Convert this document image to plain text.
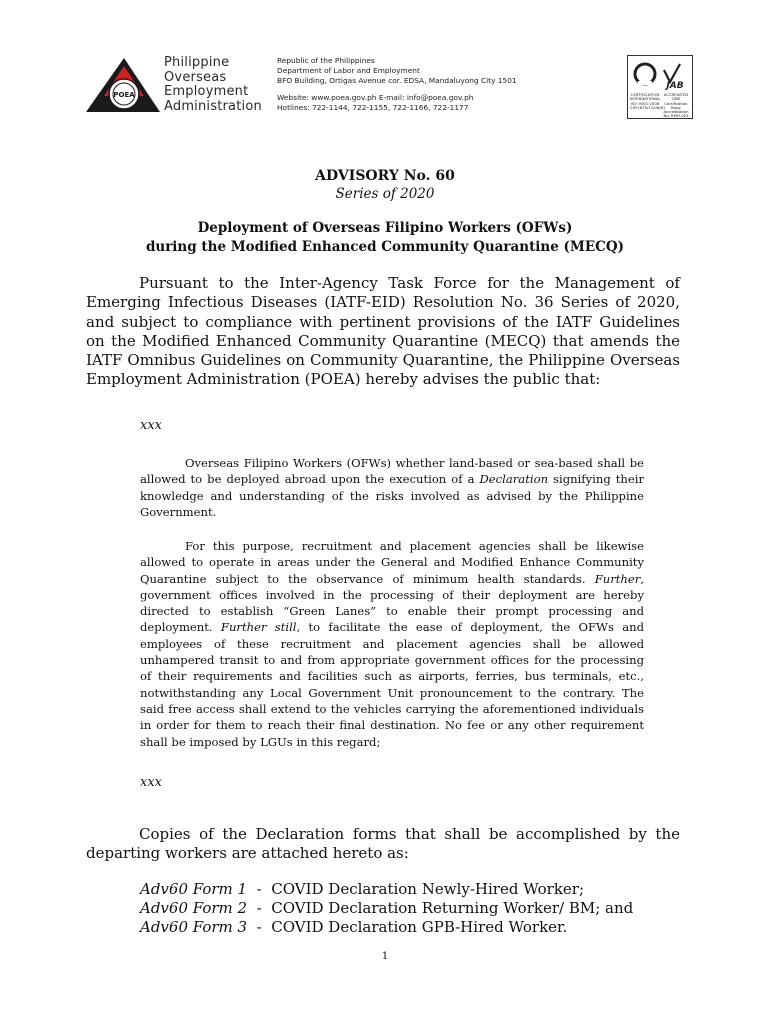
POEA
Philippine
Overseas
Employment
Administration
Republic of the Philippines
Department of Labor and Employment
BFO Building, Ortigas Avenue cor. EDSA, Mandaluyong City 1501
Website: www.poea.gov.ph E-mail: info@poea.gov.ph
Hotlines: 722-1144, 722-1155, 722-1166, 722-1177
JAB
CERTIFICATION INTERNATIONAL ISO 9001:2008 CIP/1675/12/08/61
ACCREDITED QMS Certification Body Accreditation No. RMH-003
ADVISORY No. 60
Series of 2020
Deployment of Overseas Filipino Workers (OFWs)
during the Modified Enhanced Community Quarantine (MECQ)
Pursuant to the Inter-Agency Task Force for the Management of Emerging Infectious Diseases (IATF-EID) Resolution No. 36 Series of 2020, and subject to compliance with pertinent provisions of the IATF Guidelines on the Modified Enhanced Community Quarantine (MECQ) that amends the IATF Omnibus Guidelines on Community Quarantine, the Philippine Overseas Employment Administration (POEA) hereby advises the public that:
xxx
Overseas Filipino Workers (OFWs) whether land-based or sea-based shall be allowed to be deployed abroad upon the execution of a Declaration signifying their knowledge and understanding of the risks involved as advised by the Philippine Government.
For this purpose, recruitment and placement agencies shall be likewise allowed to operate in areas under the General and Modified Enhance Community Quarantine subject to the observance of minimum health standards. Further, government offices involved in the processing of their deployment are hereby directed to establish “Green Lanes” to enable their prompt processing and deployment. Further still, to facilitate the ease of deployment, the OFWs and employees of these recruitment and placement agencies shall be allowed unhampered transit to and from appropriate government offices for the processing of their requirements and facilities such as airports, ferries, bus terminals, etc., notwithstanding any Local Government Unit pronouncement to the contrary. The said free access shall extend to the vehicles carrying the aforementioned individuals in order for them to reach their final destination. No fee or any other requirement shall be imposed by LGUs in this regard;
xxx
Copies of the Declaration forms that shall be accomplished by the departing workers are attached hereto as:
Adv60 Form 1  -  COVID Declaration Newly-Hired Worker;
Adv60 Form 2  -  COVID Declaration Returning Worker/ BM; and
Adv60 Form 3  -  COVID Declaration GPB-Hired Worker.
1
